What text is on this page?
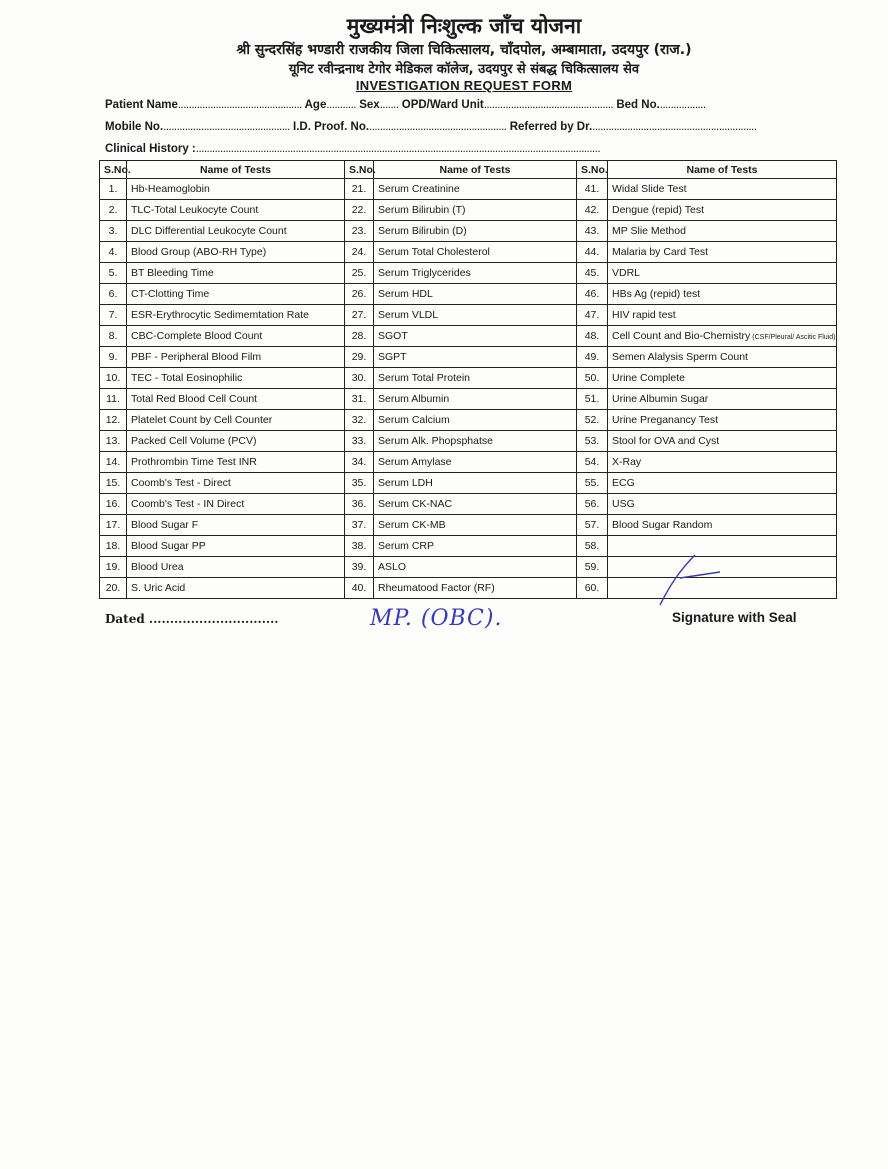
मुख्यमंत्री निःशुल्क जाँच योजना
श्री सुन्दरसिंह भण्डारी राजकीय जिला चिकित्सालय, चाँदपोल, अम्बामाता, उदयपुर (राज.)
यूनिट रवीन्द्रनाथ टेगोर मेडिकल कॉलेज, उदयपुर से संबद्ध चिकित्सालय सेव
INVESTIGATION REQUEST FORM
Patient Name.............................................. Age........... Sex....... OPD/Ward Unit................................................ Bed No..................
Mobile No................................................ I.D. Proof. No.................................................... Referred by Dr..............................................................
Clinical History :......................................................................................................................................................
S.No.	Name of Tests	S.No.	Name of Tests	S.No.	Name of Tests
1.	Hb-Heamoglobin	21.	Serum Creatinine	41.	Widal Slide Test
2.	TLC-Total Leukocyte Count	22.	Serum Bilirubin (T)	42.	Dengue (repid) Test
3.	DLC Differential Leukocyte Count	23.	Serum Bilirubin (D)	43.	MP Slie Method
4.	Blood Group (ABO-RH Type)	24.	Serum Total Cholesterol	44.	Malaria by Card Test
5.	BT Bleeding Time	25.	Serum Triglycerides	45.	VDRL
6.	CT-Clotting Time	26.	Serum HDL	46.	HBs Ag (repid) test
7.	ESR-Erythrocytic Sedimemtation Rate	27.	Serum VLDL	47.	HIV rapid test
8.	CBC-Complete Blood Count	28.	SGOT	48.	Cell Count and Bio-Chemistry (CSF/Pleural/ Ascitic Fluid)
9.	PBF - Peripheral Blood Film	29.	SGPT	49.	Semen Alalysis Sperm Count
10.	TEC - Total Eosinophilic	30.	Serum Total Protein	50.	Urine Complete
11.	Total Red Blood Cell Count	31.	Serum Albumin	51.	Urine Albumin Sugar
12.	Platelet Count by Cell Counter	32.	Serum Calcium	52.	Urine Preganancy Test
13.	Packed Cell Volume (PCV)	33.	Serum Alk. Phopsphatse	53.	Stool for OVA and Cyst
14.	Prothrombin Time Test INR	34.	Serum Amylase	54.	X-Ray
15.	Coomb's Test - Direct	35.	Serum LDH	55.	ECG
16.	Coomb's Test - IN Direct	36.	Serum CK-NAC	56.	USG
17.	Blood Sugar F	37.	Serum CK-MB	57.	Blood Sugar Random
18.	Blood Sugar PP	38.	Serum CRP	58.	
19.	Blood Urea	39.	ASLO	59.	
20.	S. Uric Acid	40.	Rheumatood Factor (RF)	60.	
Dated ...............................	MP. (OBC).	Signature with Seal
